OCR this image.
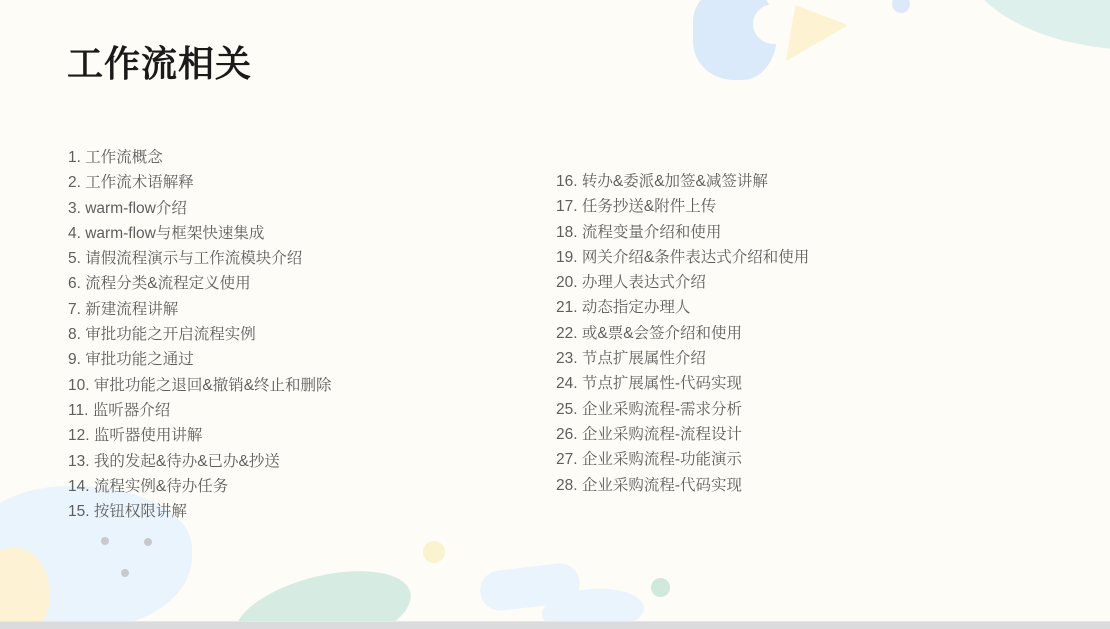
工作流相关
1. 工作流概念
2. 工作流术语解释
3. warm-flow介绍
4. warm-flow与框架快速集成
5. 请假流程演示与工作流模块介绍
6. 流程分类&流程定义使用
7. 新建流程讲解
8. 审批功能之开启流程实例
9. 审批功能之通过
10. 审批功能之退回&撤销&终止和删除
11. 监听器介绍
12. 监听器使用讲解
13. 我的发起&待办&已办&抄送
14. 流程实例&待办任务
15. 按钮权限讲解
16. 转办&委派&加签&减签讲解
17. 任务抄送&附件上传
18. 流程变量介绍和使用
19. 网关介绍&条件表达式介绍和使用
20. 办理人表达式介绍
21. 动态指定办理人
22. 或&票&会签介绍和使用
23. 节点扩展属性介绍
24. 节点扩展属性-代码实现
25. 企业采购流程-需求分析
26. 企业采购流程-流程设计
27. 企业采购流程-功能演示
28. 企业采购流程-代码实现
